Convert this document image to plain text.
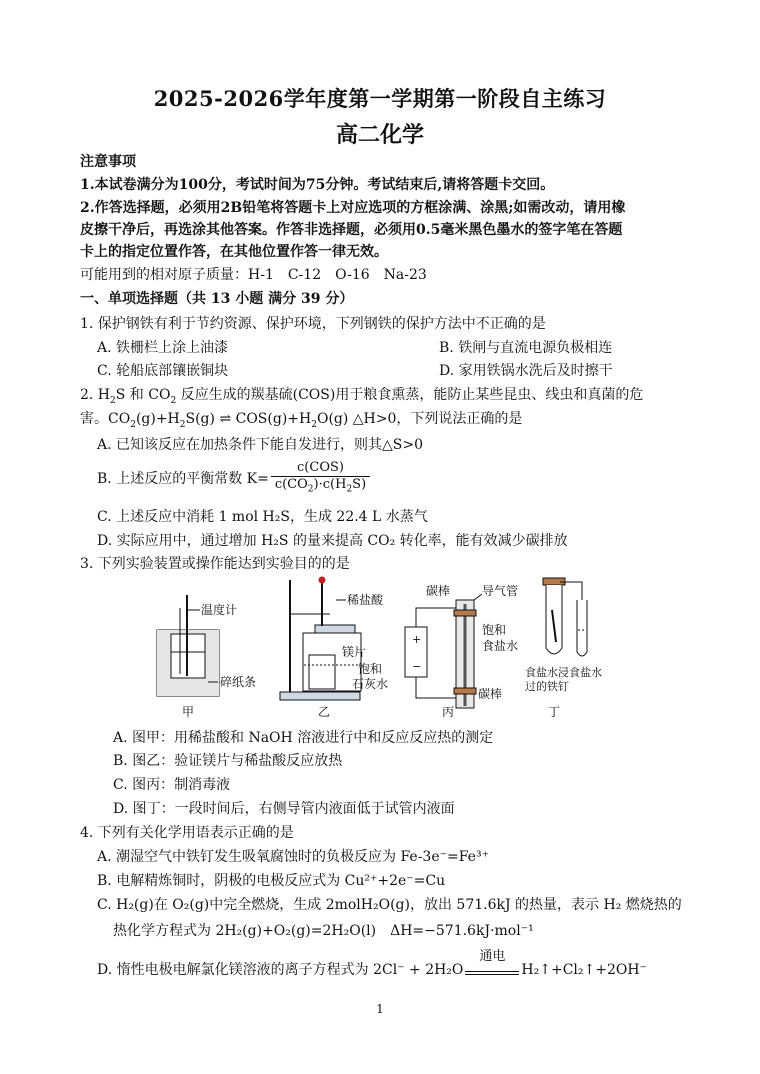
2025-2026学年度第一学期第一阶段自主练习
高二化学
注意事项
1.本试卷满分为100分，考试时间为75分钟。考试结束后,请将答题卡交回。
2.作答选择题，必须用2B铅笔将答题卡上对应选项的方框涂满、涂黑;如需改动，请用橡
皮擦干净后，再选涂其他答案。作答非选择题，必须用0.5毫米黑色墨水的签字笔在答题
卡上的指定位置作答，在其他位置作答一律无效。
可能用到的相对原子质量：H-1　C-12　O-16　Na-23
一、单项选择题（共 13 小题 满分 39 分）
1. 保护钢铁有利于节约资源、保护环境，下列钢铁的保护方法中不正确的是
A. 铁栅栏上涂上油漆	B. 铁闸与直流电源负极相连
C. 轮船底部镶嵌铜块	D. 家用铁锅水洗后及时擦干
2. $H_2S$ 和 $CO_2$ 反应生成的羰基硫(COS)用于粮食熏蒸，能防止某些昆虫、线虫和真菌的危
害。$CO_2(g)+H_2S(g)$ ⇌ $COS(g)+H_2O(g)$ △H>0，下列说法正确的是
A. 已知该反应在加热条件下能自发进行，则其△S>0
B. 上述反应的平衡常数 $K= \frac{\text{c(COS)}}{c(CO_2)\cdot c(H_2S)}$
C. 上述反应中消耗 1 mol H₂S，生成 22.4 L 水蒸气
D. 实际应用中，通过增加 H₂S 的量来提高 CO₂ 转化率，能有效减少碳排放
3. 下列实验装置或操作能达到实验目的的是
温度计
碎纸条
甲
稀盐酸
镁片
饱和
石灰水
乙
+
−
碳棒	导气管
饱和
食盐水
碳棒
丙
食盐水浸食盐水
过的铁钉
丁
A. 图甲：用稀盐酸和 NaOH 溶液进行中和反应反应热的测定
B. 图乙：验证镁片与稀盐酸反应放热
C. 图丙：制消毒液
D. 图丁：一段时间后，右侧导管内液面低于试管内液面
4. 下列有关化学用语表示正确的是
A. 潮湿空气中铁钉发生吸氧腐蚀时的负极反应为 Fe-3e⁻=Fe³⁺
B. 电解精炼铜时，阴极的电极反应式为 Cu²⁺+2e⁻=Cu
C. H₂(g)在 O₂(g)中完全燃烧，生成 2molH₂O(g)，放出 571.6kJ 的热量，表示 H₂ 燃烧热的
热化学方程式为 2H₂(g)+O₂(g)=2H₂O(l)　 ΔH=−571.6kJ·mol⁻¹
D. 惰性电极电解氯化镁溶液的离子方程式为 2Cl⁻ + 2H₂O
通电
H₂↑+Cl₂↑+2OH⁻
1
